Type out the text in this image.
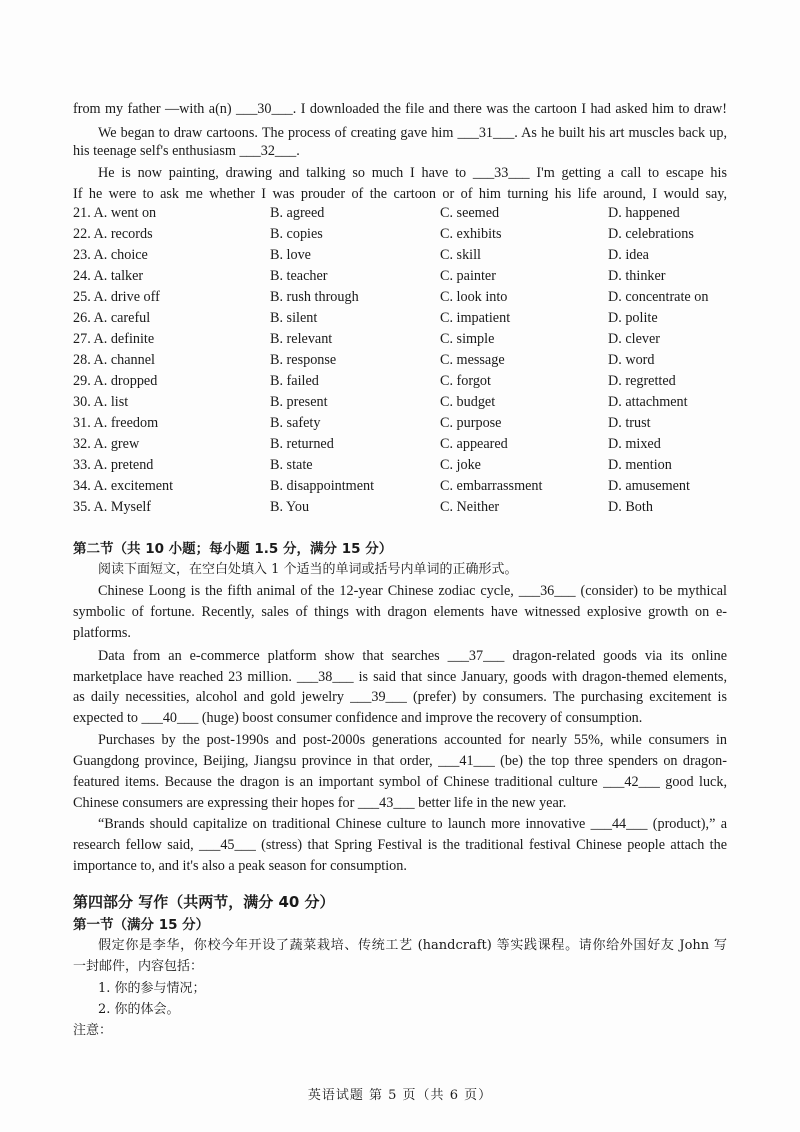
from my father —with a(n) ___30___. I downloaded the file and there was the cartoon I had asked him to draw!
We began to draw cartoons. The process of creating gave him ___31___. As he built his art muscles back up,
his teenage self's enthusiasm ___32___.
He is now painting, drawing and talking so much I have to ___33___ I'm getting a call to escape his
If he were to ask me whether I was prouder of the cartoon or of him turning his life around, I would say,
21. A. went on	B. agreed	C. seemed	D. happened
22. A. records	B. copies	C. exhibits	D. celebrations
23. A. choice	B. love	C. skill	D. idea
24. A. talker	B. teacher	C. painter	D. thinker
25. A. drive off	B. rush through	C. look into	D. concentrate on
26. A. careful	B. silent	C. impatient	D. polite
27. A. definite	B. relevant	C. simple	D. clever
28. A. channel	B. response	C. message	D. word
29. A. dropped	B. failed	C. forgot	D. regretted
30. A. list	B. present	C. budget	D. attachment
31. A. freedom	B. safety	C. purpose	D. trust
32. A. grew	B. returned	C. appeared	D. mixed
33. A. pretend	B. state	C. joke	D. mention
34. A. excitement	B. disappointment	C. embarrassment	D. amusement
35. A. Myself	B. You	C. Neither	D. Both
第二节（共 10 小题；每小题 1.5 分，满分 15 分）
阅读下面短文，在空白处填入 1 个适当的单词或括号内单词的正确形式。
Chinese Loong is the fifth animal of the 12-year Chinese zodiac cycle, ___36___ (consider) to be mythical
symbolic of fortune. Recently, sales of things with dragon elements have witnessed explosive growth on e-
platforms.
Data from an e-commerce platform show that searches ___37___ dragon-related goods via its online
marketplace have reached 23 million. ___38___ is said that since January, goods with dragon-themed elements,
as daily necessities, alcohol and gold jewelry ___39___ (prefer) by consumers. The purchasing excitement is
expected to ___40___ (huge) boost consumer confidence and improve the recovery of consumption.
Purchases by the post-1990s and post-2000s generations accounted for nearly 55%, while consumers in
Guangdong province, Beijing, Jiangsu province in that order, ___41___ (be) the top three spenders on dragon-
featured items. Because the dragon is an important symbol of Chinese traditional culture ___42___ good luck,
Chinese consumers are expressing their hopes for ___43___ better life in the new year.
“Brands should capitalize on traditional Chinese culture to launch more innovative ___44___ (product),” a
research fellow said, ___45___ (stress) that Spring Festival is the traditional festival Chinese people attach the
importance to, and it's also a peak season for consumption.
第四部分 写作（共两节，满分 40 分）
第一节（满分 15 分）
假定你是李华，你校今年开设了蔬菜栽培、传统工艺 (handcraft) 等实践课程。请你给外国好友 John 写
一封邮件，内容包括：
1. 你的参与情况；
2. 你的体会。
注意：
英语试题 第 5 页（共 6 页）
